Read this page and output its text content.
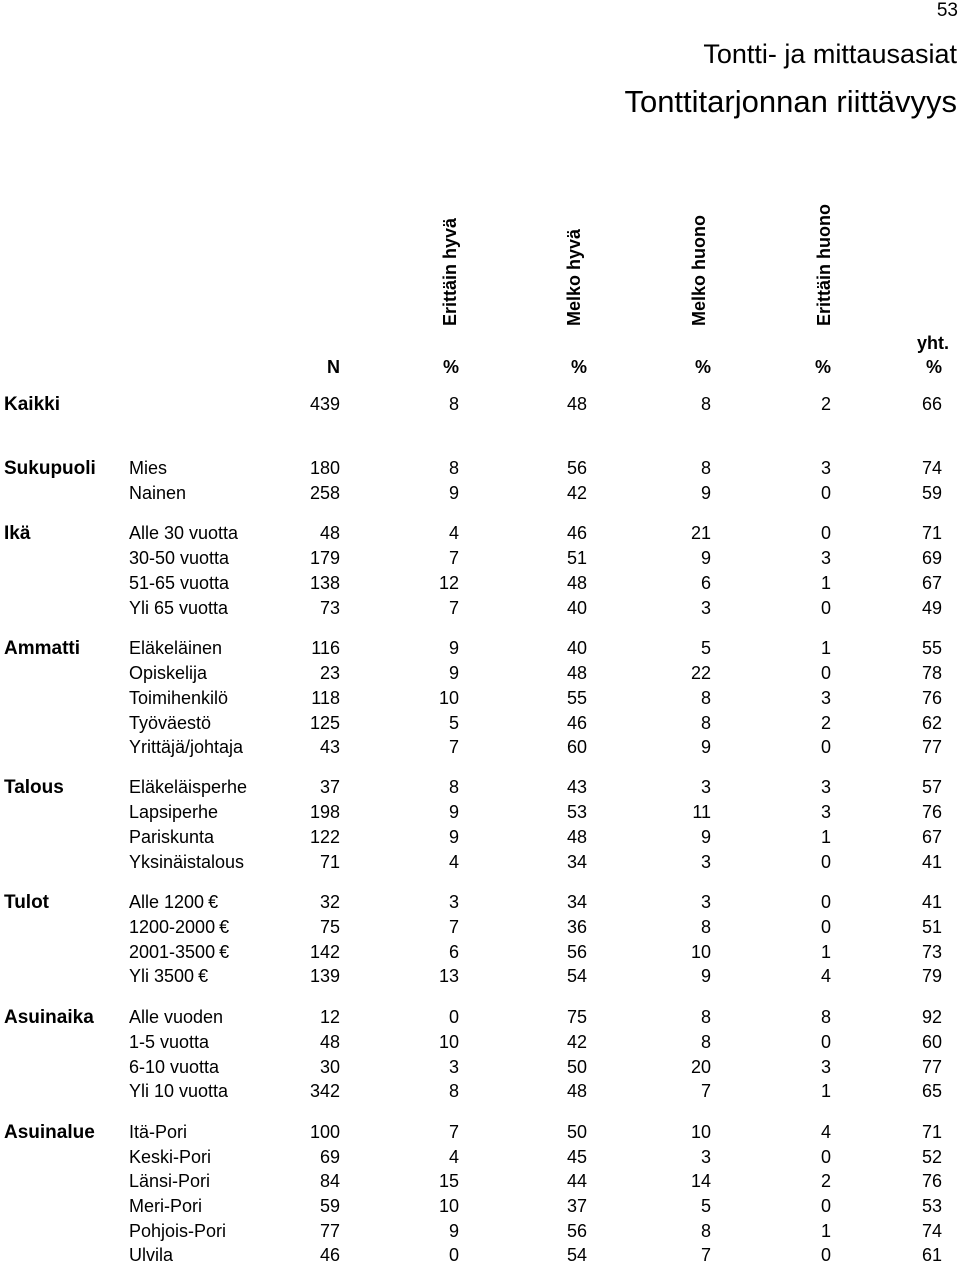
53
Tontti- ja mittausasiat
Tonttitarjonnan riittävyys
Erittäin hyvä	Melko hyvä	Melko huono	Erittäin huono
yht.
N	%	%	%	%	%
Kaikki	439	8	48	8	2	66
Sukupuoli Mies	180	8	56	8	3	74
Nainen	258	9	42	9	0	59
Ikä	Alle 30 vuotta	48	4	46	21	0	71
30-50 vuotta	179	7	51	9	3	69
51-65 vuotta	138	12	48	6	1	67
Yli 65 vuotta	73	7	40	3	0	49
Ammatti	Eläkeläinen	116	9	40	5	1	55
Opiskelija	23	9	48	22	0	78
Toimihenkilö	118	10	55	8	3	76
Työväestö	125	5	46	8	2	62
Yrittäjä/johtaja	43	7	60	9	0	77
Talous	Eläkeläisperhe	37	8	43	3	3	57
Lapsiperhe	198	9	53	11	3	76
Pariskunta	122	9	48	9	1	67
Yksinäistalous	71	4	34	3	0	41
Tulot	Alle 1200 €	32	3	34	3	0	41
1200-2000 €	75	7	36	8	0	51
2001-3500 €	142	6	56	10	1	73
Yli 3500 €	139	13	54	9	4	79
Asuinaika Alle vuoden	12	0	75	8	8	92
1-5 vuotta	48	10	42	8	0	60
6-10 vuotta	30	3	50	20	3	77
Yli 10 vuotta	342	8	48	7	1	65
Asuinalue Itä-Pori	100	7	50	10	4	71
Keski-Pori	69	4	45	3	0	52
Länsi-Pori	84	15	44	14	2	76
Meri-Pori	59	10	37	5	0	53
Pohjois-Pori	77	9	56	8	1	74
Ulvila	46	0	54	7	0	61
